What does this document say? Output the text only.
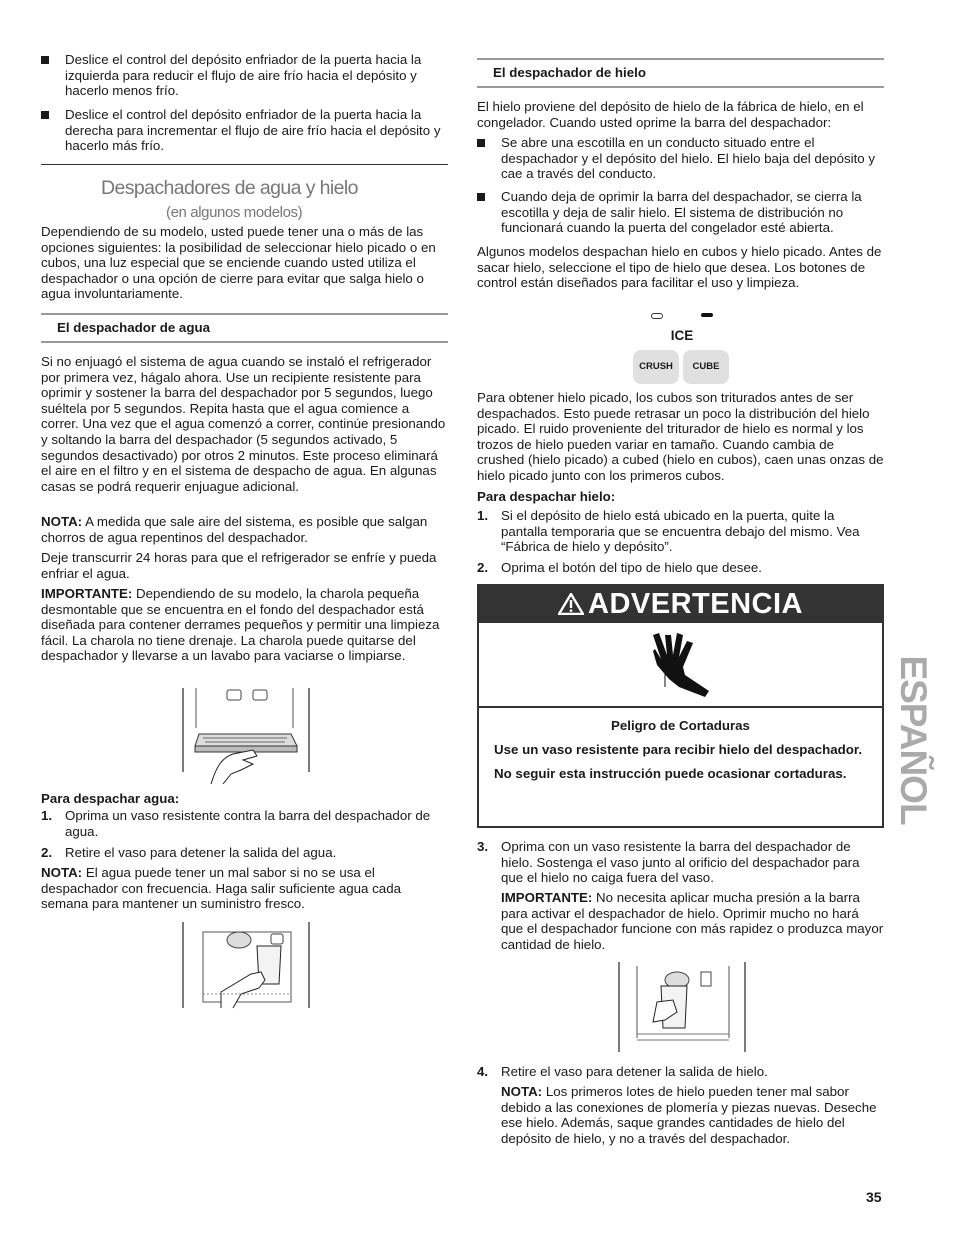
Deslice el control del depósito enfriador de la puerta hacia la izquierda para reducir el flujo de aire frío hacia el depósito y hacerlo menos frío.

Deslice el control del depósito enfriador de la puerta hacia la derecha para incrementar el flujo de aire frío hacia el depósito y hacerlo más frío.

Despachadores de agua y hielo
(en algunos modelos)

Dependiendo de su modelo, usted puede tener una o más de las opciones siguientes: la posibilidad de seleccionar hielo picado o en cubos, una luz especial que se enciende cuando usted utiliza el despachador o una opción de cierre para evitar que salga hielo o agua involuntariamente.

El despachador de agua

Si no enjuagó el sistema de agua cuando se instaló el refrigerador por primera vez, hágalo ahora. Use un recipiente resistente para oprimir y sostener la barra del despachador por 5 segundos, luego suéltela por 5 segundos. Repita hasta que el agua comience a correr. Una vez que el agua comenzó a correr, continúe presionando y soltando la barra del despachador (5 segundos activado, 5 segundos desactivado) por otros 2 minutos. Este proceso eliminará el aire en el filtro y en el sistema de despacho de agua. En algunas casas se podrá requerir enjuague adicional.

NOTA: A medida que sale aire del sistema, es posible que salgan chorros de agua repentinos del despachador.

Deje transcurrir 24 horas para que el refrigerador se enfríe y pueda enfriar el agua.

IMPORTANTE: Dependiendo de su modelo, la charola pequeña desmontable que se encuentra en el fondo del despachador está diseñada para contener derrames pequeños y permitir una limpieza fácil. La charola no tiene drenaje. La charola puede quitarse del despachador y llevarse a un lavabo para vaciarse o limpiarse.

Para despachar agua:
1. Oprima un vaso resistente contra la barra del despachador de agua.

2. Retire el vaso para detener la salida del agua.

NOTA: El agua puede tener un mal sabor si no se usa el despachador con frecuencia. Haga salir suficiente agua cada semana para mantener un suministro fresco.

El despachador de hielo

El hielo proviene del depósito de hielo de la fábrica de hielo, en el congelador. Cuando usted oprime la barra del despachador:

Se abre una escotilla en un conducto situado entre el despachador y el depósito del hielo. El hielo baja del depósito y cae a través del conducto.

Cuando deja de oprimir la barra del despachador, se cierra la escotilla y deja de salir hielo. El sistema de distribución no funcionará cuando la puerta del congelador esté abierta.

Algunos modelos despachan hielo en cubos y hielo picado. Antes de sacar hielo, seleccione el tipo de hielo que desea. Los botones de control están diseñados para facilitar el uso y limpieza.

ICE
CRUSH	CUBE

Para obtener hielo picado, los cubos son triturados antes de ser despachados. Esto puede retrasar un poco la distribución del hielo picado. El ruido proveniente del triturador de hielo es normal y los trozos de hielo pueden variar en tamaño. Cuando cambia de crushed (hielo picado) a cubed (hielo en cubos), caen unas onzas de hielo picado junto con los primeros cubos.

Para despachar hielo:
1. Si el depósito de hielo está ubicado en la puerta, quite la pantalla temporaria que se encuentra debajo del mismo. Vea “Fábrica de hielo y depósito”.

2. Oprima el botón del tipo de hielo que desee.

ADVERTENCIA
Peligro de Cortaduras

Use un vaso resistente para recibir hielo del despachador.

No seguir esta instrucción puede ocasionar cortaduras.

3. Oprima con un vaso resistente la barra del despachador de hielo. Sostenga el vaso junto al orificio del despachador para que el hielo no caiga fuera del vaso.

IMPORTANTE: No necesita aplicar mucha presión a la barra para activar el despachador de hielo. Oprimir mucho no hará que el despachador funcione con más rapidez o produzca mayor cantidad de hielo.

4. Retire el vaso para detener la salida de hielo.

NOTA: Los primeros lotes de hielo pueden tener mal sabor debido a las conexiones de plomería y piezas nuevas. Deseche ese hielo. Además, saque grandes cantidades de hielo del depósito de hielo, y no a través del despachador.

ESPAÑOL
35
